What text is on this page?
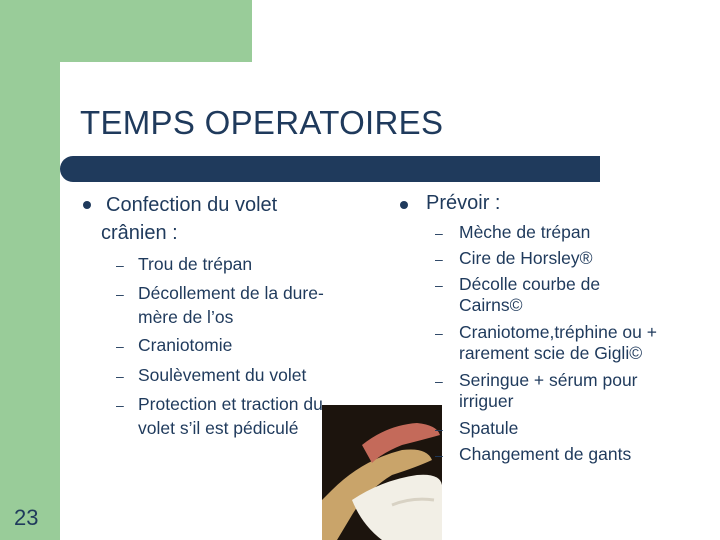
TEMPS OPERATOIRES
Confection du volet
crânien :
– Trou de trépan
– Décollement de la dure-
mère de l’os
– Craniotomie
– Soulèvement du volet
– Protection et traction du
volet s’il est pédiculé
Prévoir :
– Mèche de trépan
– Cire de Horsley®
– Décolle courbe de
Cairns©
– Craniotome,tréphine ou +
rarement scie de Gigli©
– Seringue + sérum pour
irriguer
– Spatule
– Changement de gants
23
